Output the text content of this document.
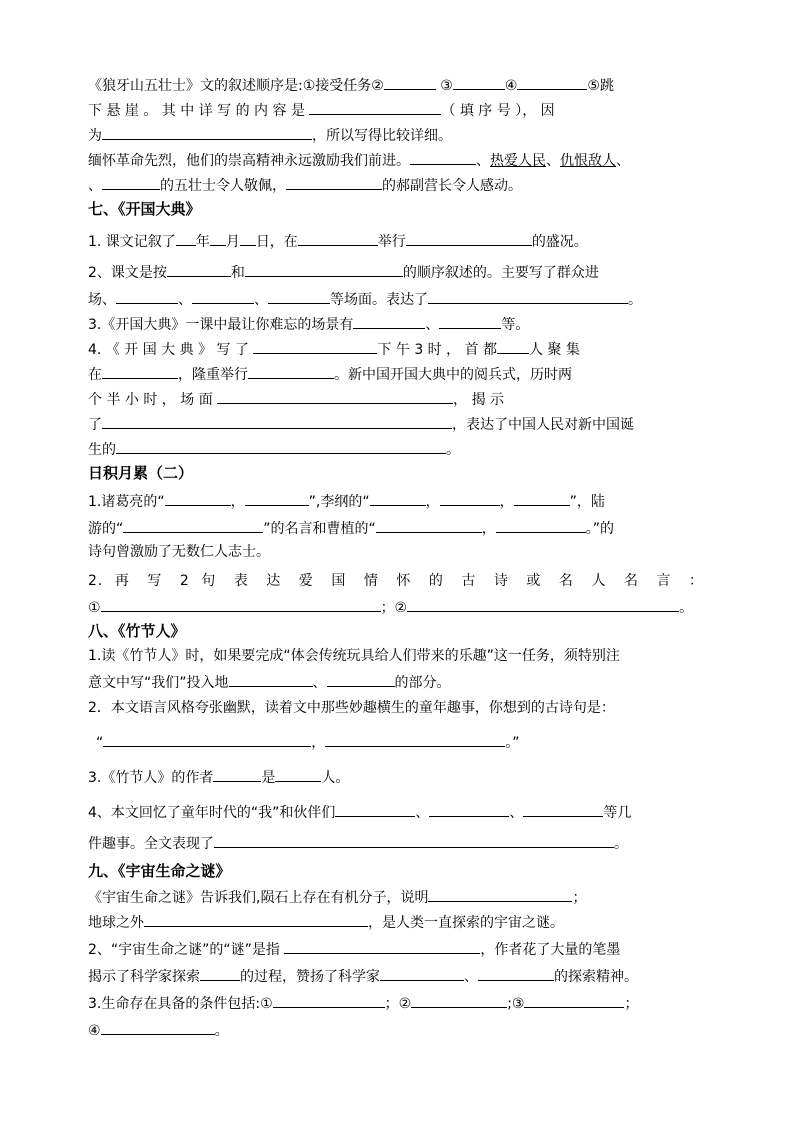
《狼牙山五壮士》文的叙述顺序是:①接受任务②	③	④	⑤跳
下 悬 崖 。 其 中 详 写 的 内 容 是	（ 填 序 号 ）， 因
为	，所以写得比较详细。
缅怀革命先烈，他们的崇高精神永远激励我们前进。	、热爱人民、仇恨敌人、
、	的五壮士令人敬佩，	的郝副营长令人感动。
七、《开国大典》
1. 课文记叙了 年 月 日，在	举行	的盛况。
2、课文是按	和	的顺序叙述的。主要写了群众进
场、	、	、	等场面。表达了	。
3.《开国大典》一课中最让你难忘的场景有	、	等。
4. 《 开 国 大 典 》 写 了	下 午 3 时 ， 首 都 人 聚 集
在	，隆重举行	。新中国开国大典中的阅兵式，历时两
个 半 小 时 ， 场 面	， 揭 示
了	，表达了中国人民对新中国诞
生的	。
日积月累（二）
1.诸葛亮的“	，	”,李纲的“	，	，	”，陆
游的“	”的名言和曹植的“	，	。”的
诗句曾激励了无数仁人志士。
2. 再 写 2 句 表 达 爱 国 情 怀 的 古 诗 或 名 人 名 言 ：
①	；②	。
八、《竹节人》
1.读《竹节人》时，如果要完成“体会传统玩具给人们带来的乐趣”这一任务，须特别注
意文中写“我们”投入地	、	的部分。
2．本文语言风格夸张幽默，读着文中那些妙趣横生的童年趣事，你想到的古诗句是：
“	，	。”
3.《竹节人》的作者	是	人。
4、本文回忆了童年时代的“我”和伙伴们	、	、	等几
件趣事。全文表现了	。
九、《宇宙生命之谜》
《宇宙生命之谜》告诉我们,陨石上存在有机分子，说明	；
地球之外	，是人类一直探索的宇宙之谜。
2、“宇宙生命之谜”的“谜”是指	，作者花了大量的笔墨
揭示了科学家探索	的过程，赞扬了科学家	、	的探索精神。
3.生命存在具备的条件包括:①	；②	;③	；
④	。
